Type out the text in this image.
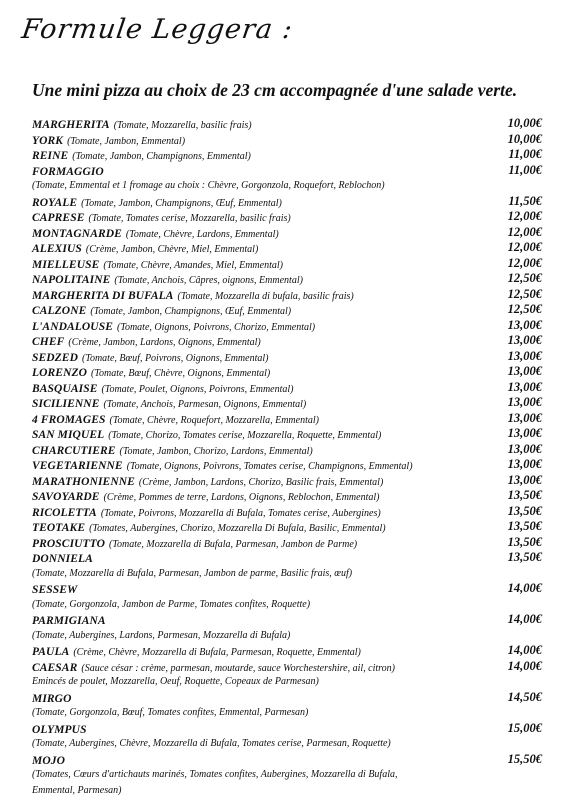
Formule Leggera :
Une mini pizza au choix de 23 cm accompagnée d'une salade verte.
MARGHERITA (Tomate, Mozzarella, basilic frais)	10,00€
YORK (Tomate, Jambon, Emmental)	10,00€
REINE (Tomate, Jambon, Champignons, Emmental)	11,00€
FORMAGGIO	11,00€
(Tomate, Emmental et 1 fromage au choix : Chèvre, Gorgonzola, Roquefort, Reblochon)
ROYALE (Tomate, Jambon, Champignons, Œuf, Emmental)	11,50€
CAPRESE (Tomate, Tomates cerise, Mozzarella, basilic frais)	12,00€
MONTAGNARDE (Tomate, Chèvre, Lardons, Emmental)	12,00€
ALEXIUS (Crème, Jambon, Chèvre, Miel, Emmental)	12,00€
MIELLEUSE (Tomate, Chèvre, Amandes, Miel, Emmental)	12,00€
NAPOLITAINE (Tomate, Anchois, Câpres, oignons, Emmental)	12,50€
MARGHERITA DI BUFALA (Tomate, Mozzarella di bufala, basilic frais)	12,50€
CALZONE (Tomate, Jambon, Champignons, Œuf, Emmental)	12,50€
L'ANDALOUSE (Tomate, Oignons, Poivrons, Chorizo, Emmental)	13,00€
CHEF (Crème, Jambon, Lardons, Oignons, Emmental)	13,00€
SEDZED (Tomate, Bœuf, Poivrons, Oignons, Emmental)	13,00€
LORENZO (Tomate, Bœuf, Chèvre, Oignons, Emmental)	13,00€
BASQUAISE (Tomate, Poulet, Oignons, Poivrons, Emmental)	13,00€
SICILIENNE (Tomate, Anchois, Parmesan, Oignons, Emmental)	13,00€
4 FROMAGES (Tomate, Chèvre, Roquefort, Mozzarella, Emmental)	13,00€
SAN MIQUEL (Tomate, Chorizo, Tomates cerise, Mozzarella, Roquette, Emmental)	13,00€
CHARCUTIERE (Tomate, Jambon, Chorizo, Lardons, Emmental)	13,00€
VEGETARIENNE (Tomate, Oignons, Poivrons, Tomates cerise, Champignons, Emmental)	13,00€
MARATHONIENNE (Crème, Jambon, Lardons, Chorizo, Basilic frais, Emmental)	13,00€
SAVOYARDE (Crème, Pommes de terre, Lardons, Oignons, Reblochon, Emmental)	13,50€
RICOLETTA (Tomate, Poivrons, Mozzarella di Bufala, Tomates cerise, Aubergines)	13,50€
TEOTAKE (Tomates, Aubergines, Chorizo, Mozzarella Di Bufala, Basilic, Emmental)	13,50€
PROSCIUTTO (Tomate, Mozzarella di Bufala, Parmesan, Jambon de Parme)	13,50€
DONNIELA	13,50€
(Tomate, Mozzarella di Bufala, Parmesan, Jambon de parme, Basilic frais, œuf)
SESSEW	14,00€
(Tomate, Gorgonzola, Jambon de Parme, Tomates confites, Roquette)
PARMIGIANA	14,00€
(Tomate, Aubergines, Lardons, Parmesan, Mozzarella di Bufala)
PAULA (Crème, Chèvre, Mozzarella di Bufala, Parmesan, Roquette, Emmental)	14,00€
CAESAR (Sauce césar : crème, parmesan, moutarde, sauce Worchestershire, ail, citron)	14,00€
Emincés de poulet, Mozzarella, Oeuf, Roquette, Copeaux de Parmesan)
MIRGO	14,50€
(Tomate, Gorgonzola, Bœuf, Tomates confites, Emmental, Parmesan)
OLYMPUS	15,00€
(Tomate, Aubergines, Chèvre, Mozzarella di Bufala, Tomates cerise, Parmesan, Roquette)
MOJO	15,50€
(Tomates, Cœurs d'artichauts marinés, Tomates confites, Aubergines, Mozzarella di Bufala,
Emmental, Parmesan)
